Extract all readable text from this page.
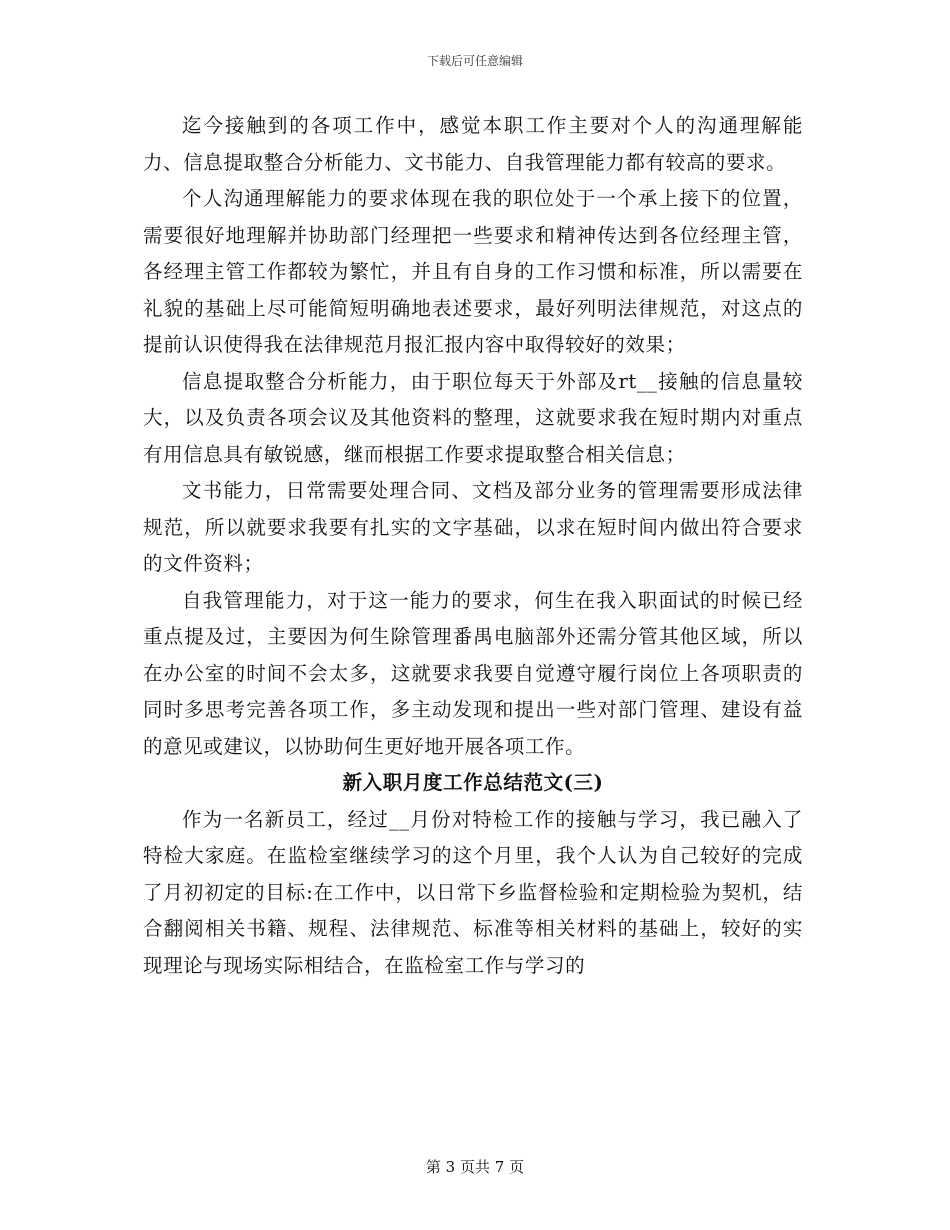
下载后可任意编辑

迄今接触到的各项工作中，感觉本职工作主要对个人的沟通理解能力、信息提取整合分析能力、文书能力、自我管理能力都有较高的要求。

个人沟通理解能力的要求体现在我的职位处于一个承上接下的位置，需要很好地理解并协助部门经理把一些要求和精神传达到各位经理主管，各经理主管工作都较为繁忙，并且有自身的工作习惯和标准，所以需要在礼貌的基础上尽可能简短明确地表述要求，最好列明法律规范，对这点的提前认识使得我在法律规范月报汇报内容中取得较好的效果；

信息提取整合分析能力，由于职位每天于外部及rt__接触的信息量较大，以及负责各项会议及其他资料的整理，这就要求我在短时期内对重点有用信息具有敏锐感，继而根据工作要求提取整合相关信息；

文书能力，日常需要处理合同、文档及部分业务的管理需要形成法律规范，所以就要求我要有扎实的文字基础，以求在短时间内做出符合要求的文件资料；

自我管理能力，对于这一能力的要求，何生在我入职面试的时候已经重点提及过，主要因为何生除管理番禺电脑部外还需分管其他区域，所以在办公室的时间不会太多，这就要求我要自觉遵守履行岗位上各项职责的同时多思考完善各项工作，多主动发现和提出一些对部门管理、建设有益的意见或建议，以协助何生更好地开展各项工作。

新入职月度工作总结范文(三)

作为一名新员工，经过__月份对特检工作的接触与学习，我已融入了特检大家庭。在监检室继续学习的这个月里，我个人认为自己较好的完成了月初初定的目标:在工作中，以日常下乡监督检验和定期检验为契机，结合翻阅相关书籍、规程、法律规范、标准等相关材料的基础上，较好的实现理论与现场实际相结合，在监检室工作与学习的

第 3 页共 7 页
